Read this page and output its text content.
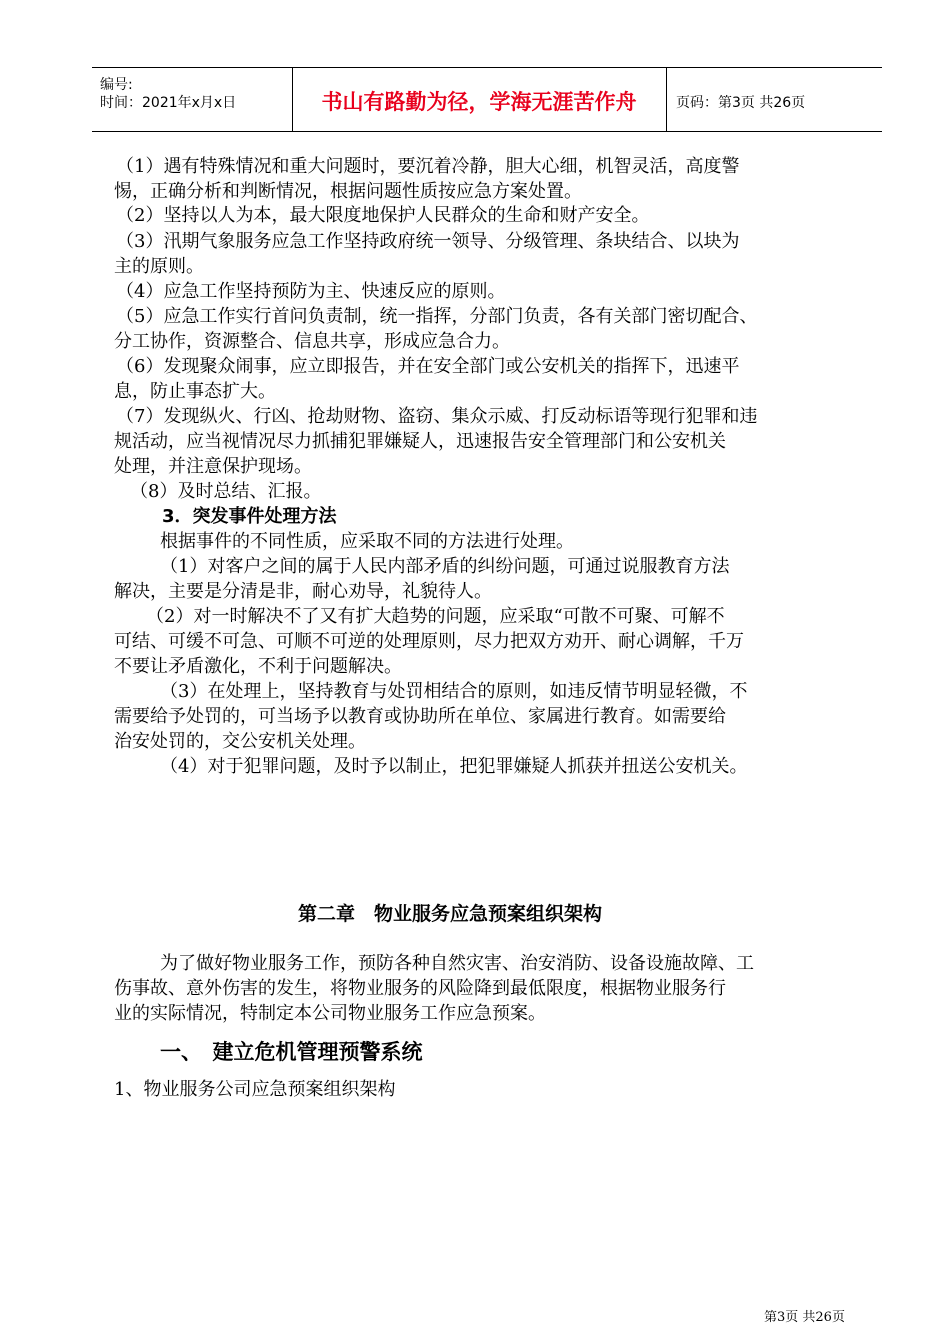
编号:
时间：2021年x月x日	书山有路勤为径，学海无涯苦作舟	页码：第3页 共26页
（1）遇有特殊情况和重大问题时，要沉着冷静，胆大心细，机智灵活，高度警
惕，正确分析和判断情况，根据问题性质按应急方案处置。
（2）坚持以人为本，最大限度地保护人民群众的生命和财产安全。
（3）汛期气象服务应急工作坚持政府统一领导、分级管理、条块结合、以块为
主的原则。
（4）应急工作坚持预防为主、快速反应的原则。
（5）应急工作实行首问负责制，统一指挥，分部门负责，各有关部门密切配合、
分工协作，资源整合、信息共享，形成应急合力。
（6）发现聚众闹事，应立即报告，并在安全部门或公安机关的指挥下，迅速平
息，防止事态扩大。
（7）发现纵火、行凶、抢劫财物、盗窃、集众示威、打反动标语等现行犯罪和违
规活动，应当视情况尽力抓捕犯罪嫌疑人，迅速报告安全管理部门和公安机关
处理，并注意保护现场。
（8）及时总结、汇报。
3．突发事件处理方法
根据事件的不同性质，应采取不同的方法进行处理。
（1）对客户之间的属于人民内部矛盾的纠纷问题，可通过说服教育方法
解决，主要是分清是非，耐心劝导，礼貌待人。
（2）对一时解决不了又有扩大趋势的问题，应采取“可散不可聚、可解不
可结、可缓不可急、可顺不可逆的处理原则，尽力把双方劝开、耐心调解，千万
不要让矛盾激化，不利于问题解决。
（3）在处理上，坚持教育与处罚相结合的原则，如违反情节明显轻微，不
需要给予处罚的，可当场予以教育或协助所在单位、家属进行教育。如需要给
治安处罚的，交公安机关处理。
（4）对于犯罪问题，及时予以制止，把犯罪嫌疑人抓获并扭送公安机关。
第二章　物业服务应急预案组织架构
为了做好物业服务工作，预防各种自然灾害、治安消防、设备设施故障、工
伤事故、意外伤害的发生，将物业服务的风险降到最低限度，根据物业服务行
业的实际情况，特制定本公司物业服务工作应急预案。
一、　建立危机管理预警系统
1、物业服务公司应急预案组织架构
第3页 共26页
